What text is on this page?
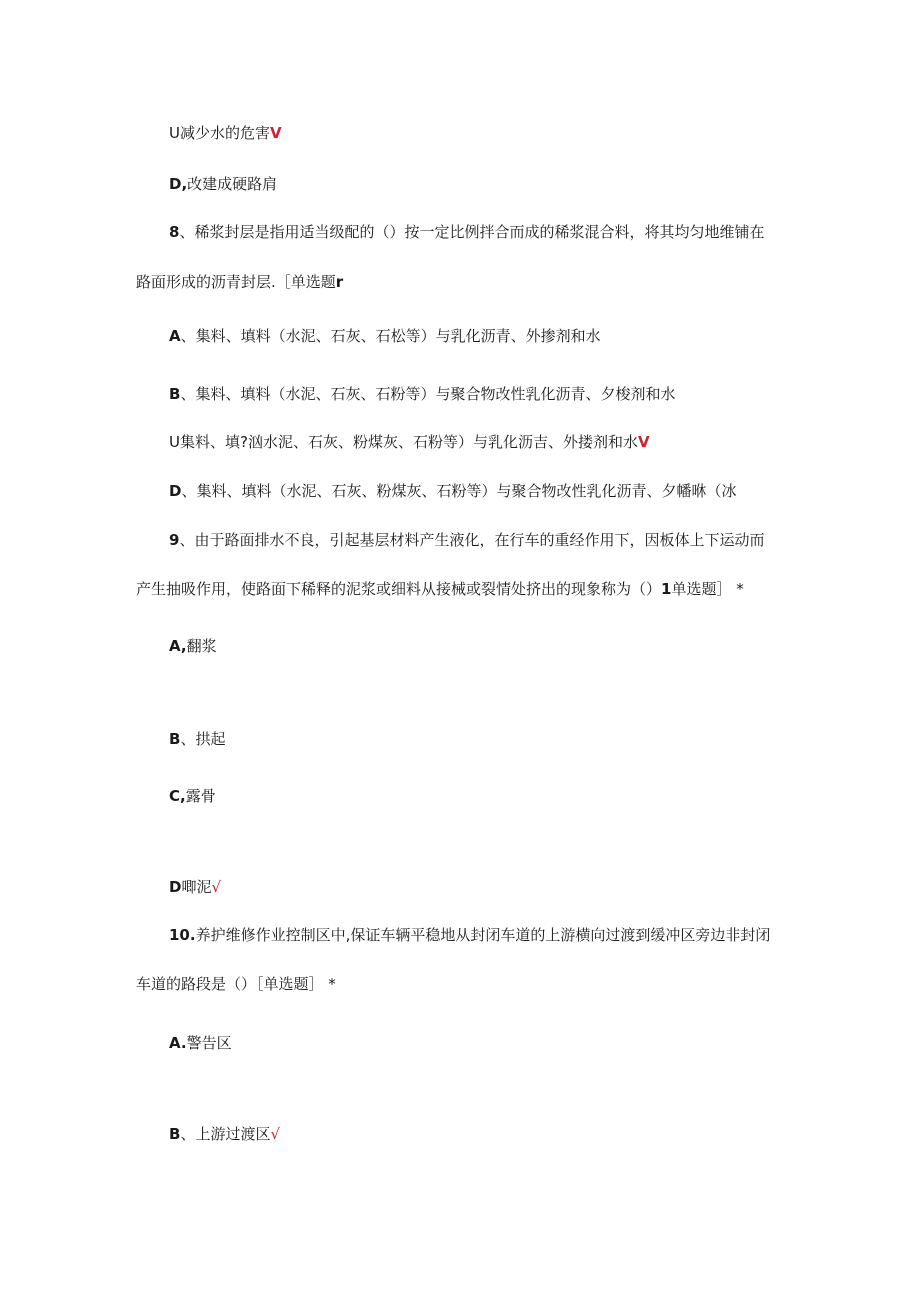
U减少水的危害V
D,改建成硬路肩
8、稀浆封层是指用适当级配的（）按一定比例拌合而成的稀浆混合料，将其均匀地维铺在
路面形成的沥青封层.［单选题r
A、集料、填料（水泥、石灰、石松等）与乳化沥青、外掺剂和水
B、集料、填料（水泥、石灰、石粉等）与聚合物改性乳化沥青、夕梭剂和水
U集料、填?汹水泥、石灰、粉煤灰、石粉等）与乳化沥吉、外搂剂和水V
D、集料、填料（水泥、石灰、粉煤灰、石粉等）与聚合物改性乳化沥青、夕幡咻（冰
9、由于路面排水不良，引起基层材料产生液化，在行车的重经作用下，因板体上下运动而
产生抽吸作用，使路面下稀释的泥浆或细料从接械或裂情处挤出的现象称为（）1单选题］ *
A,翻浆
B、拱起
C,露骨
D唧泥√
10.养护维修作业控制区中,保证车辆平稳地从封闭车道的上游横向过渡到缓冲区旁边非封闭
车道的路段是（）［单选题］ *
A.警告区
B、上游过渡区√
